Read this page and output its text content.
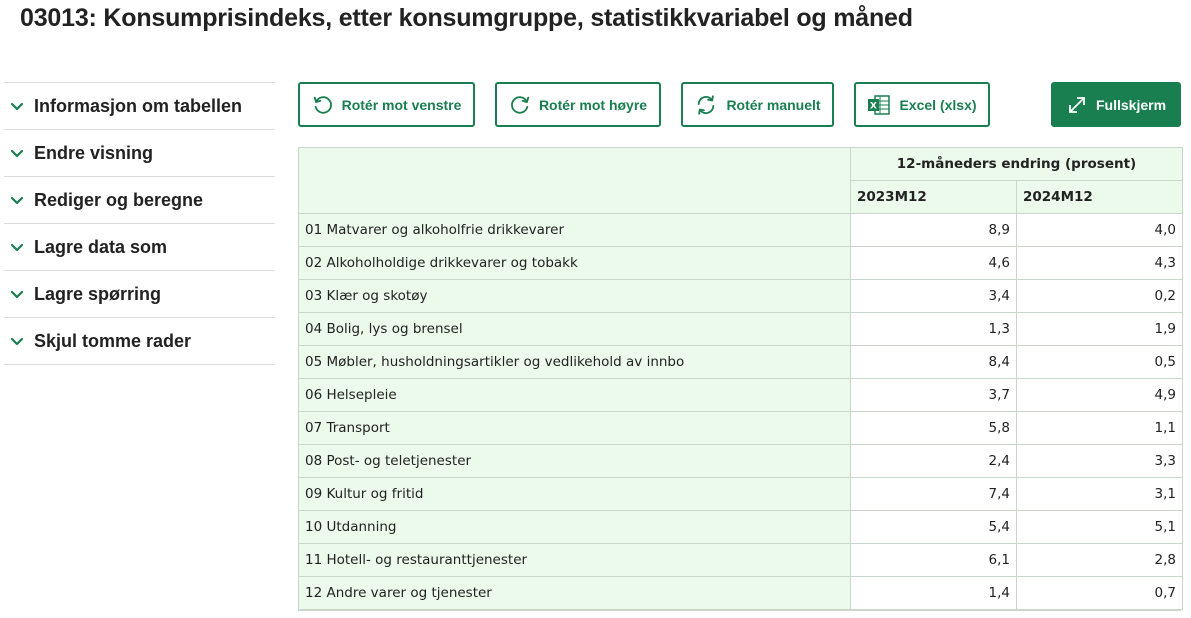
03013: Konsumprisindeks, etter konsumgruppe, statistikkvariabel og måned
Informasjon om tabellen
Endre visning
Rediger og beregne
Lagre data som
Lagre spørring
Skjul tomme rader
Rotér mot venstre	Rotér mot høyre	Rotér manuelt	X Excel (xlsx)	Fullskjerm
	12-måneders endring (prosent)	
	2023M12	2024M12
01 Matvarer og alkoholfrie drikkevarer	8,9	4,0
02 Alkoholholdige drikkevarer og tobakk	4,6	4,3
03 Klær og skotøy	3,4	0,2
04 Bolig, lys og brensel	1,3	1,9
05 Møbler, husholdningsartikler og vedlikehold av innbo	8,4	0,5
06 Helsepleie	3,7	4,9
07 Transport	5,8	1,1
08 Post- og teletjenester	2,4	3,3
09 Kultur og fritid	7,4	3,1
10 Utdanning	5,4	5,1
11 Hotell- og restauranttjenester	6,1	2,8
12 Andre varer og tjenester	1,4	0,7
